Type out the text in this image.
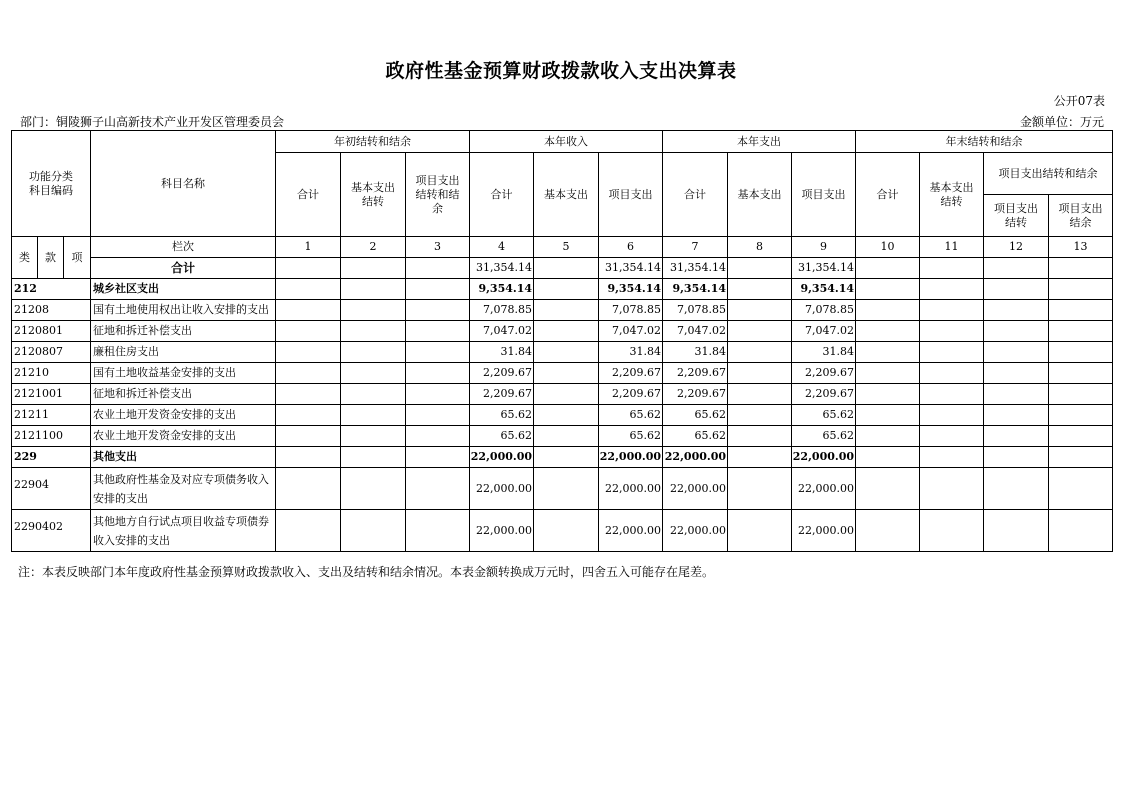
政府性基金预算财政拨款收入支出决算表
公开07表
部门：铜陵狮子山高新技术产业开发区管理委员会	金额单位：万元
功能分类科目编码			科目名称	年初结转和结余			本年收入			本年支出			年末结转和结余			
				合计	基本支出结转	项目支出结转和结余	合计	基本支出	项目支出	合计	基本支出	项目支出	合计	基本支出结转	项目支出结转和结余	
															项目支出结转	项目支出结余
类	款	项	栏次	1	2	3	4	5	6	7	8	9	10	11	12	13
			合计				31,354.14		31,354.14	31,354.14		31,354.14				
212			城乡社区支出				9,354.14		9,354.14	9,354.14		9,354.14				
21208			国有土地使用权出让收入安排的支出				7,078.85		7,078.85	7,078.85		7,078.85				
2120801			征地和拆迁补偿支出				7,047.02		7,047.02	7,047.02		7,047.02				
2120807			廉租住房支出				31.84		31.84	31.84		31.84				
21210			国有土地收益基金安排的支出				2,209.67		2,209.67	2,209.67		2,209.67				
2121001			征地和拆迁补偿支出				2,209.67		2,209.67	2,209.67		2,209.67				
21211			农业土地开发资金安排的支出				65.62		65.62	65.62		65.62				
2121100			农业土地开发资金安排的支出				65.62		65.62	65.62		65.62				
229			其他支出				22,000.00		22,000.00	22,000.00		22,000.00				
22904			其他政府性基金及对应专项债务收入安排的支出				22,000.00		22,000.00	22,000.00		22,000.00				
2290402			其他地方自行试点项目收益专项债券收入安排的支出				22,000.00		22,000.00	22,000.00		22,000.00				
注：本表反映部门本年度政府性基金预算财政拨款收入、支出及结转和结余情况。本表金额转换成万元时，四舍五入可能存在尾差。
